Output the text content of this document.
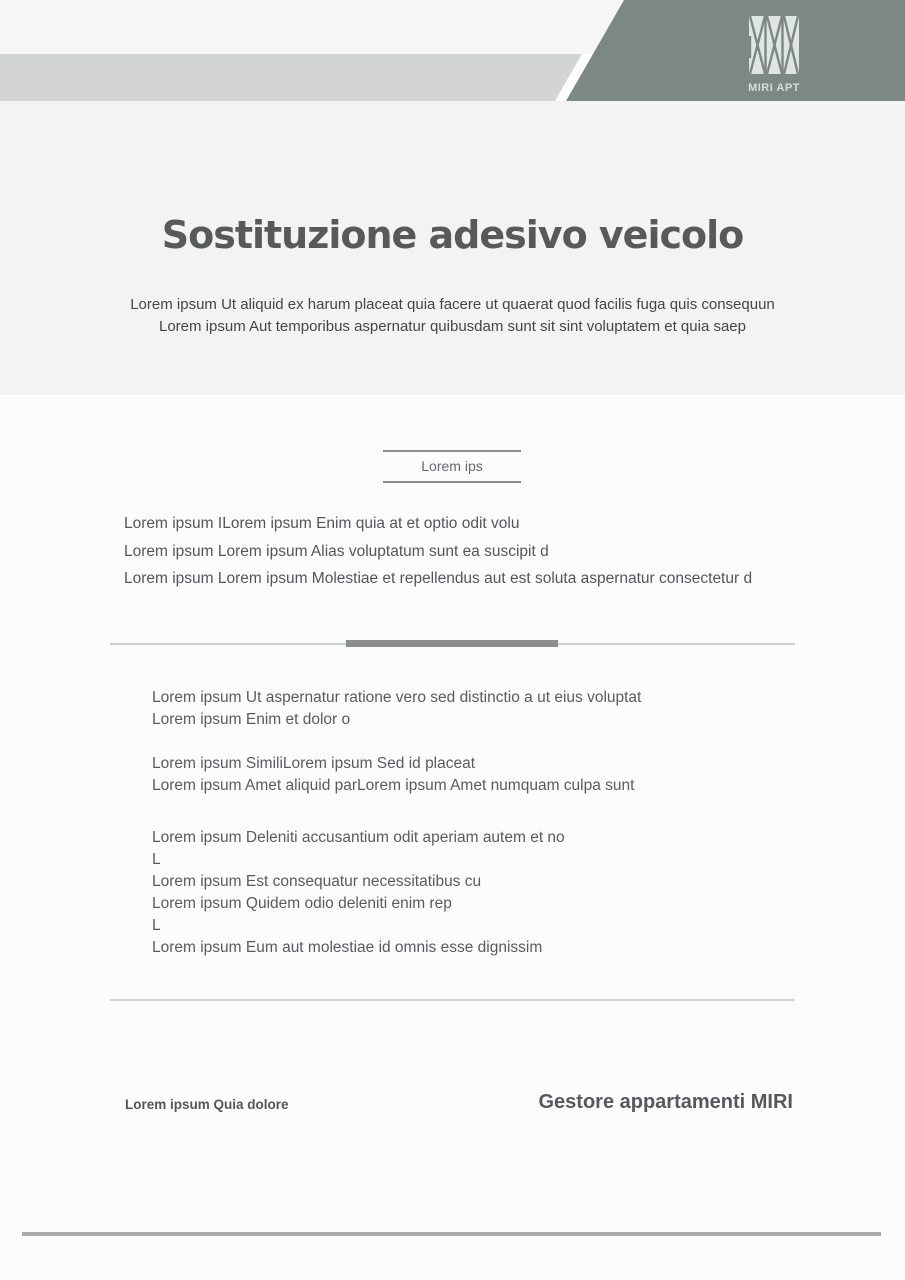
MIRI APT
Sostituzione adesivo veicolo
Lorem ipsum Ut aliquid ex harum placeat quia facere ut quaerat quod facilis fuga quis consequun
Lorem ipsum Aut temporibus aspernatur quibusdam sunt sit sint voluptatem et quia saep
Lorem ips
Lorem ipsum ILorem ipsum Enim quia at et optio odit volu
Lorem ipsum Lorem ipsum Alias voluptatum sunt ea suscipit d
Lorem ipsum Lorem ipsum Molestiae et repellendus aut est soluta aspernatur consectetur d
Lorem ipsum Ut aspernatur ratione vero sed distinctio a ut eius voluptat
Lorem ipsum Enim et dolor o
Lorem ipsum SimiliLorem ipsum Sed id placeat
Lorem ipsum Amet aliquid parLorem ipsum Amet numquam culpa sunt
Lorem ipsum Deleniti accusantium odit aperiam autem et no
L
Lorem ipsum Est consequatur necessitatibus cu
Lorem ipsum Quidem odio deleniti enim rep
L
Lorem ipsum Eum aut molestiae id omnis esse dignissim
Lorem ipsum Quia dolore	Gestore appartamenti MIRI
